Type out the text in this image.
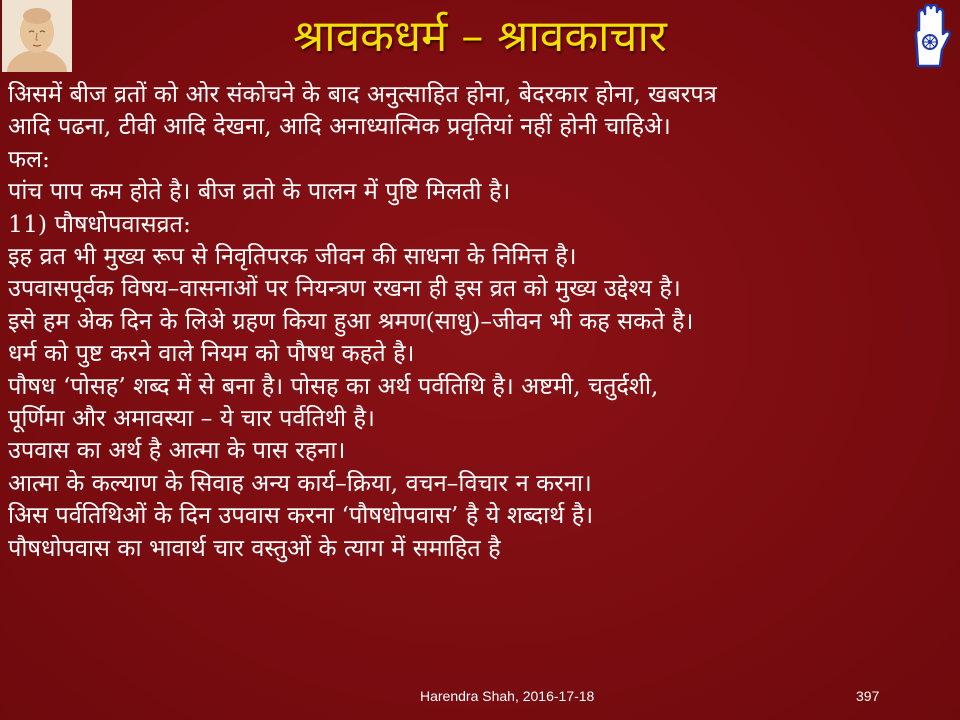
श्रावकधर्म – श्रावकाचार
अिसमें बीज व्रतों को ओर संकोचने के बाद अनुत्साहित होना, बेदरकार होना, खबरपत्र
आदि पढना, टीवी आदि देखना, आदि अनाध्यात्मिक प्रवृतियां नहीं होनी चाहिअे।
फल:
पांच पाप कम होते है। बीज व्रतो के पालन में पुष्टि मिलती है।
11) पौषधोपवासव्रत:
इह व्रत भी मुख्य रूप से निवृतिपरक जीवन की साधना के निमित्त है।
उपवासपूर्वक विषय–वासनाओं पर नियन्त्रण रखना ही इस व्रत को मुख्य उद्देश्य है।
इसे हम अेक दिन के लिअे ग्रहण किया हुआ श्रमण(साधु)–जीवन भी कह सकते है।
धर्म को पुष्ट करने वाले नियम को पौषध कहते है।
पौषध ‘पोसह’ शब्द में से बना है। पोसह का अर्थ पर्वतिथि है। अष्टमी, चतुर्दशी,
पूर्णिमा और अमावस्या – ये चार पर्वतिथी है।
उपवास का अर्थ है आत्मा के पास रहना।
आत्मा के कल्याण के सिवाह अन्य कार्य–क्रिया, वचन–विचार न करना।
अिस पर्वतिथिओं के दिन उपवास करना ‘पौषधोपवास’ है ये शब्दार्थ है।
पौषधोपवास का भावार्थ चार वस्तुओं के त्याग में समाहित है
Harendra Shah, 2016-17-18	397
